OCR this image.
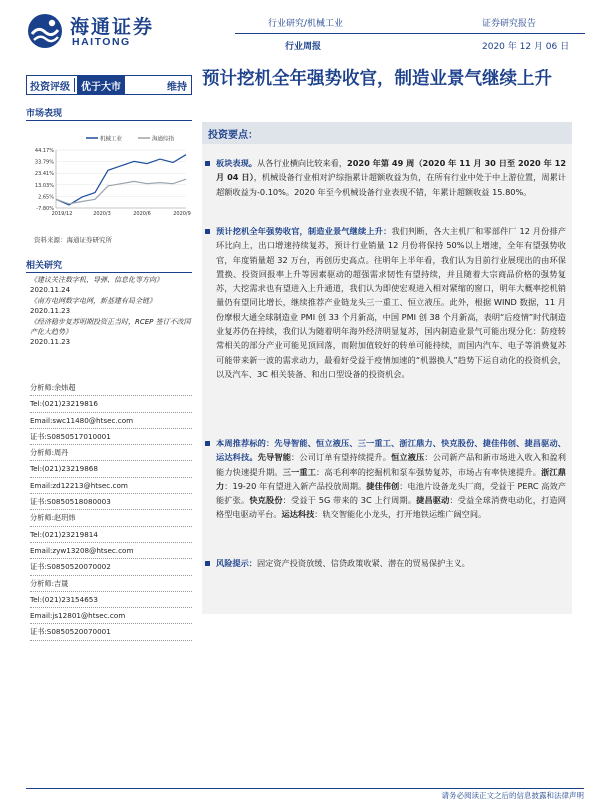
海通证券
HAITONG
行业研究/机械工业	证券研究报告
行业周报	2020 年 12 月 06 日
投资评级	优于大市	维持
市场表现
机械工业	海通综指
44.17%
33.79%
23.41%
13.03%
2.65%
-7.80%
2019/12	2020/3	2020/6	2020/9
资料来源：海通证券研究所
相关研究
《建议关注数字机、导弹、信息化等方向》
2020.11.24
《南方电网数字电网，新基建有局全链》
2020.11.23
《经济稳步复苏明期投资正当时，RCEP 签订不改国产化大趋势》
2020.11.23
分析师:余炜超
Tel:(021)23219816
Email:swc11480@htsec.com
证书:S0850517010001
分析师:周丹
Tel:(021)23219868
Email:zd12213@htsec.com
证书:S0850518080003
分析师:赵玥炜
Tel:(021)23219814
Email:zyw13208@htsec.com
证书:S0850520070002
分析师:吉晟
Tel:(021)23154653
Email:js12801@htsec.com
证书:S0850520070001
预计挖机全年强势收官，制造业景气继续上升
投资要点：
板块表现。从各行业横向比较来看，2020 年第 49 周（2020 年 11 月 30 日至 2020 年 12 月 04 日），机械设备行业相对沪综指累计超额收益为负，在所有行业中处于中上游位置，周累计超额收益为-0.10%。2020 年至今机械设备行业表现不错，年累计超额收益 15.80%。
预计挖机全年强势收官，制造业景气继续上升：我们判断，各大主机厂和零部件厂 12 月份排产环比向上，出口增速持续复苏，预计行业销量 12 月份将保持 50%以上增速，全年有望强势收官，年度销量超 32 万台，再创历史高点。往明年上半年看，我们认为目前行业展现出的由环保置换、投资回报率上升等因素驱动的超强需求韧性有望持续，并且随着大宗商品价格的强势复苏，大挖需求也有望进入上升通道，我们认为即使宏观进入相对紧缩的窗口，明年大概率挖机销量仍有望同比增长，继续推荐产业链龙头三一重工、恒立液压。此外，根据 WIND 数据，11 月份摩根大通全球制造业 PMI 创 33 个月新高，中国 PMI 创 38 个月新高，表明“后疫情”时代制造业复苏仍在持续，我们认为随着明年海外经济明显复苏，国内制造业景气可能出现分化：防疫转常相关的部分产业可能见顶回落，而附加值较好的转单可能持续，而国内汽车、电子等消费复苏可能带来新一波的需求动力，最看好受益于疫情加速的“机器换人”趋势下运自动化的投资机会，以及汽车、3C 相关装备、和出口型设备的投资机会。
本周推荐标的：先导智能、恒立液压、三一重工、浙江鼎力、快克股份、捷佳伟创、捷昌驱动、运达科技。先导智能：公司订单有望持续提升。恒立液压：公司新产品和新市场进入收入和盈利能力快速提升期。三一重工：高毛利率的挖掘机和泵车强势复苏，市场占有率快速提升。浙江鼎力：19-20 年有望进入新产品投放周期。捷佳伟创：电池片设备龙头厂商，受益于 PERC 高效产能扩张。快克股份：受益于 5G 带来的 3C 上行周期。捷昌驱动：受益全球消费电动化，打造网格型电驱动平台。运达科技：轨交智能化小龙头，打开地铁运维广阔空间。
风险提示：固定资产投资放缓、信贷政策收紧、潜在的贸易保护主义。
请务必阅读正文之后的信息披露和法律声明
